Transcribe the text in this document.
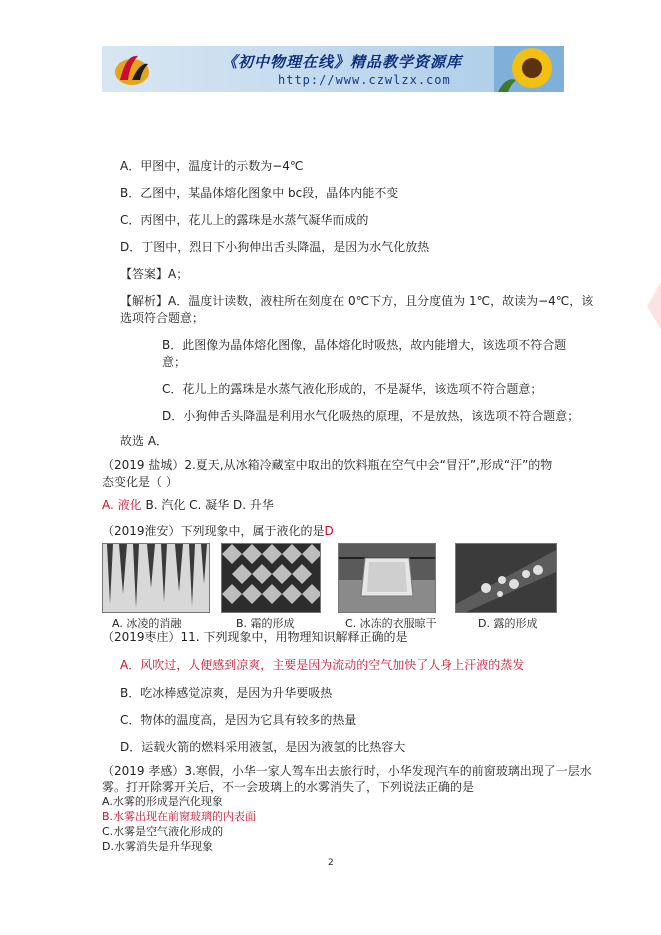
《初中物理在线》精品教学资源库
http://www.czwlzx.com
A．甲图中，温度计的示数为−4℃
B．乙图中，某晶体熔化图象中 bc段，晶体内能不变
C．丙图中，花儿上的露珠是水蒸气凝华而成的
D．丁图中，烈日下小狗伸出舌头降温，是因为水气化放热
【答案】A；
【解析】A．温度计读数，液柱所在刻度在 0℃下方，且分度值为 1℃，故读为−4℃，该
选项符合题意；
B．此图像为晶体熔化图像，晶体熔化时吸热，故内能增大，该选项不符合题
意；
C．花儿上的露珠是水蒸气液化形成的，不是凝华，该选项不符合题意；
D．小狗伸舌头降温是利用水气化吸热的原理，不是放热，该选项不符合题意；
故选 A．
（2019 盐城）2.夏天,从冰箱冷藏室中取出的饮料瓶在空气中会“冒汗”,形成“汗”的物
态变化是（ ）
A. 液化 B. 汽化 C. 凝华 D. 升华
（2019淮安）下列现象中，属于液化的是D
A. 冰凌的消融	B. 霜的形成	C. 冰冻的衣服晾干	D. 露的形成
（2019枣庄）11. 下列现象中，用物理知识解释正确的是
A．风吹过，人便感到凉爽，主要是因为流动的空气加快了人身上汗液的蒸发
B．吃冰棒感觉凉爽，是因为升华要吸热
C．物体的温度高，是因为它具有较多的热量
D．运载火箭的燃料采用液氢，是因为液氢的比热容大
（2019 孝感）3.寒假，小华一家人驾车出去旅行时，小华发现汽车的前窗玻璃出现了一层水
雾。打开除雾开关后，不一会玻璃上的水雾消失了，下列说法正确的是
A.水雾的形成是汽化现象
B.水雾出现在前窗玻璃的内表面
C.水雾是空气液化形成的
D.水雾消失是升华现象
2
